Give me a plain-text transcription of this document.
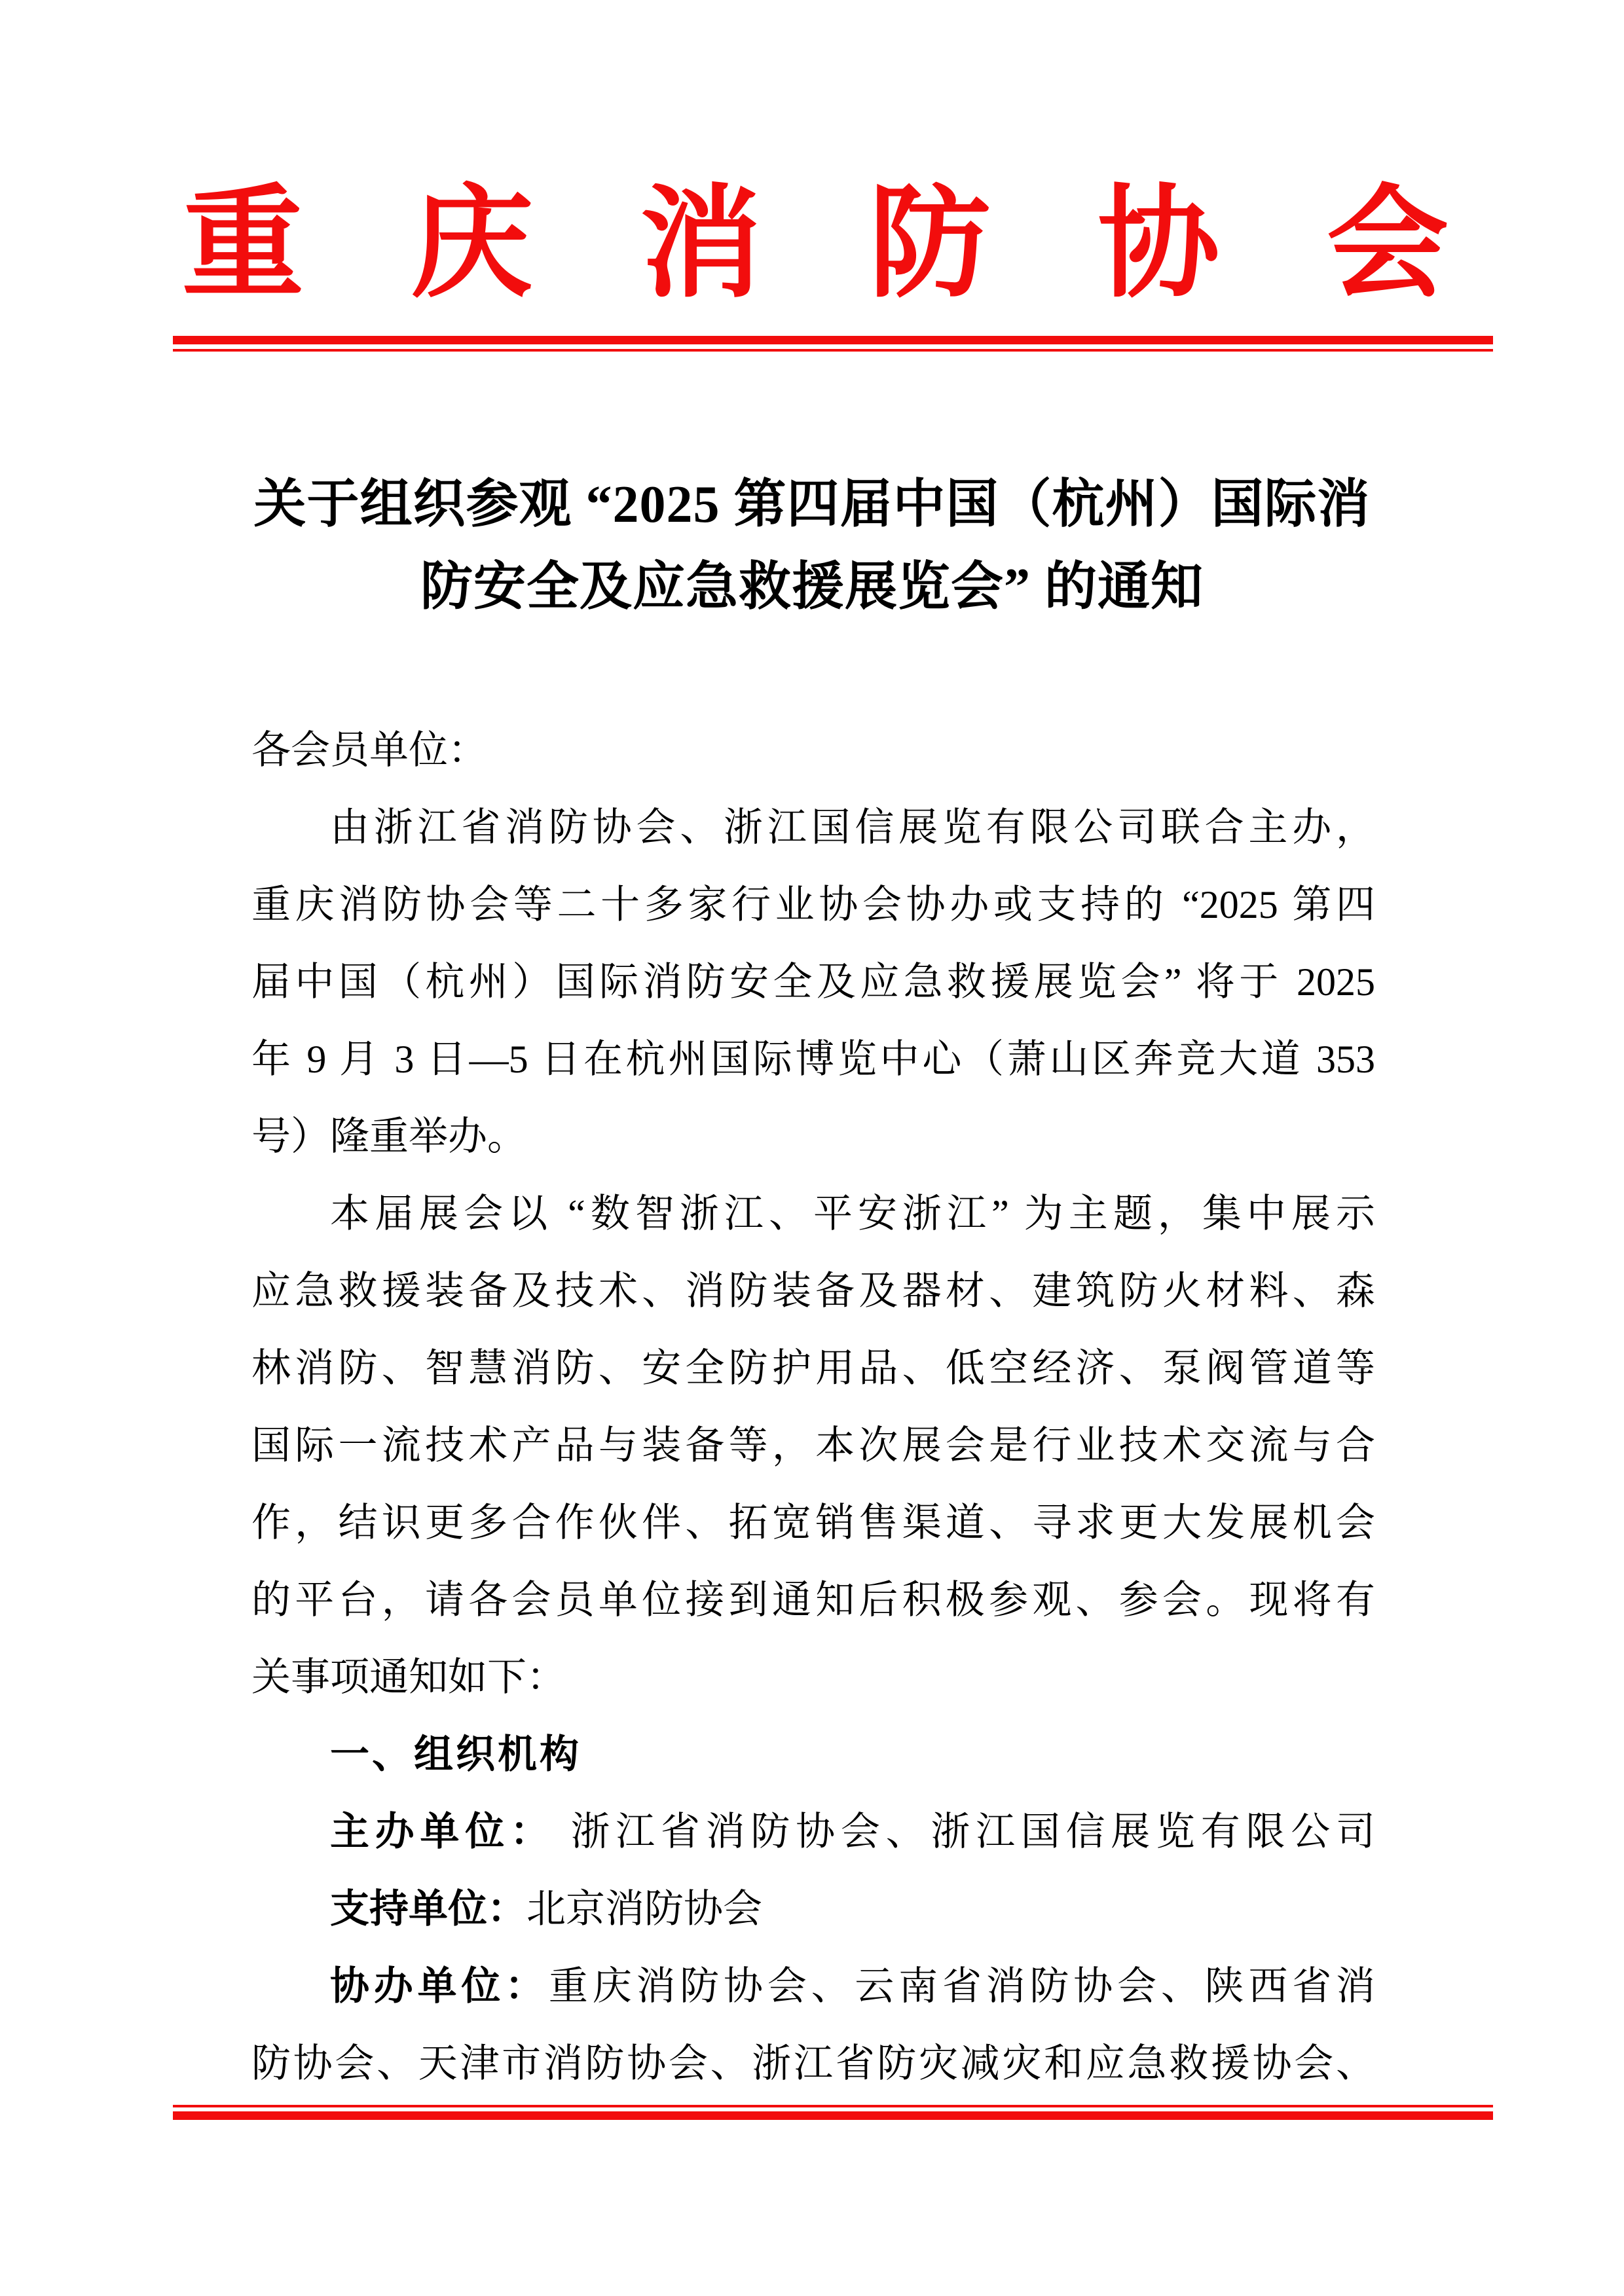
重 庆 消 防 协 会
关于组织参观 “2025 第四届中国（杭州）国际消
防安全及应急救援展览会” 的通知
各会员单位：
由浙江省消防协会、浙江国信展览有限公司联合主办，
重庆消防协会等二十多家行业协会协办或支持的 “2025 第四
届中国（杭州）国际消防安全及应急救援展览会” 将于 2025
年 9 月 3 日—5 日在杭州国际博览中心（萧山区奔竞大道 353
号）隆重举办。
本届展会以 “数智浙江、平安浙江” 为主题，集中展示
应急救援装备及技术、消防装备及器材、建筑防火材料、森
林消防、智慧消防、安全防护用品、低空经济、泵阀管道等
国际一流技术产品与装备等，本次展会是行业技术交流与合
作，结识更多合作伙伴、拓宽销售渠道、寻求更大发展机会
的平台，请各会员单位接到通知后积极参观、参会。现将有
关事项通知如下：
一、组织机构
主办单位： 浙江省消防协会、浙江国信展览有限公司
支持单位：北京消防协会
协办单位：重庆消防协会、云南省消防协会、陕西省消
防协会、天津市消防协会、浙江省防灾减灾和应急救援协会、
